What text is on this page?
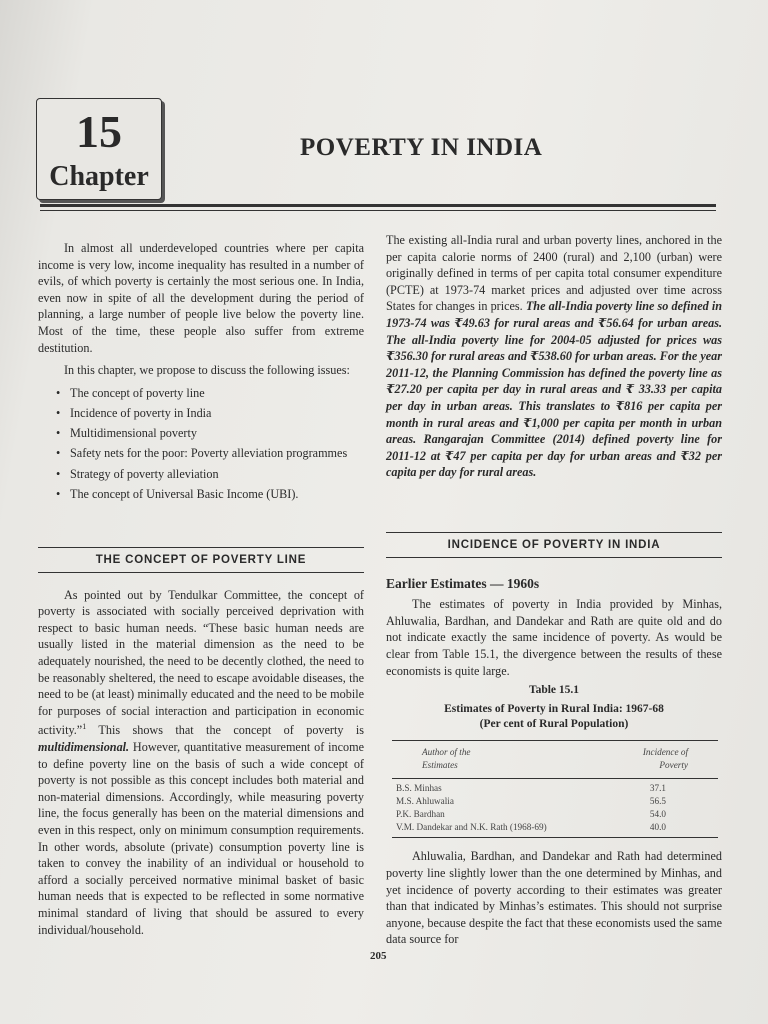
15
Chapter
POVERTY IN INDIA

In almost all underdeveloped countries where per capita income is very low, income inequality has resulted in a number of evils, of which poverty is certainly the most serious one. In India, even now in spite of all the development during the period of planning, a large number of people live below the poverty line. Most of the time, these people also suffer from extreme destitution.

In this chapter, we propose to discuss the following issues:

• The concept of poverty line
• Incidence of poverty in India
• Multidimensional poverty
• Safety nets for the poor: Poverty alleviation programmes
• Strategy of poverty alleviation
• The concept of Universal Basic Income (UBI).
THE CONCEPT OF POVERTY LINE

As pointed out by Tendulkar Committee, the concept of poverty is associated with socially perceived deprivation with respect to basic human needs. “These basic human needs are usually listed in the material dimension as the need to be adequately nourished, the need to be decently clothed, the need to be reasonably sheltered, the need to escape avoidable diseases, the need to be (at least) minimally educated and the need to be mobile for purposes of social interaction and participation in economic activity.”$^1$ This shows that the concept of poverty is multidimensional. However, quantitative measurement of income to define poverty line on the basis of such a wide concept of poverty is not possible as this concept includes both material and non-material dimensions. Accordingly, while measuring poverty line, the focus generally has been on the material dimensions and even in this respect, only on minimum consumption requirements. In other words, absolute (private) consumption poverty line is taken to convey the inability of an individual or household to afford a socially perceived normative minimal basket of basic human needs that is expected to be reflected in some normative minimal standard of living that should be assured to every individual/household.

The existing all-India rural and urban poverty lines, anchored in the per capita calorie norms of 2400 (rural) and 2,100 (urban) were originally defined in terms of per capita total consumer expenditure (PCTE) at 1973-74 market prices and adjusted over time across States for changes in prices. The all-India poverty line so defined in 1973-74 was ₹49.63 for rural areas and ₹56.64 for urban areas. The all-India poverty line for 2004-05 adjusted for prices was ₹356.30 for rural areas and ₹538.60 for urban areas. For the year 2011-12, the Planning Commission has defined the poverty line as ₹27.20 per capita per day in rural areas and ₹ 33.33 per capita per day in urban areas. This translates to ₹816 per capita per month in rural areas and ₹1,000 per capita per month in urban areas. Rangarajan Committee (2014) defined poverty line for 2011-12 at ₹47 per capita per day for urban areas and ₹32 per capita per day for rural areas.

INCIDENCE OF POVERTY IN INDIA
Earlier Estimates — 1960s

The estimates of poverty in India provided by Minhas, Ahluwalia, Bardhan, and Dandekar and Rath are quite old and do not indicate exactly the same incidence of poverty. As would be clear from Table 15.1, the divergence between the results of these economists is quite large.

Table 15.1
Estimates of Poverty in Rural India: 1967-68
(Per cent of Rural Population)
Author of the
Estimates	Incidence of
Poverty
B.S. Minhas	37.1
M.S. Ahluwalia	56.5
P.K. Bardhan	54.0
V.M. Dandekar and N.K. Rath (1968-69)	40.0

Ahluwalia, Bardhan, and Dandekar and Rath had determined poverty line slightly lower than the one determined by Minhas, and yet incidence of poverty according to their estimates was greater than that indicated by Minhas’s estimates. This should not surprise anyone, because despite the fact that these economists used the same data source for

205
